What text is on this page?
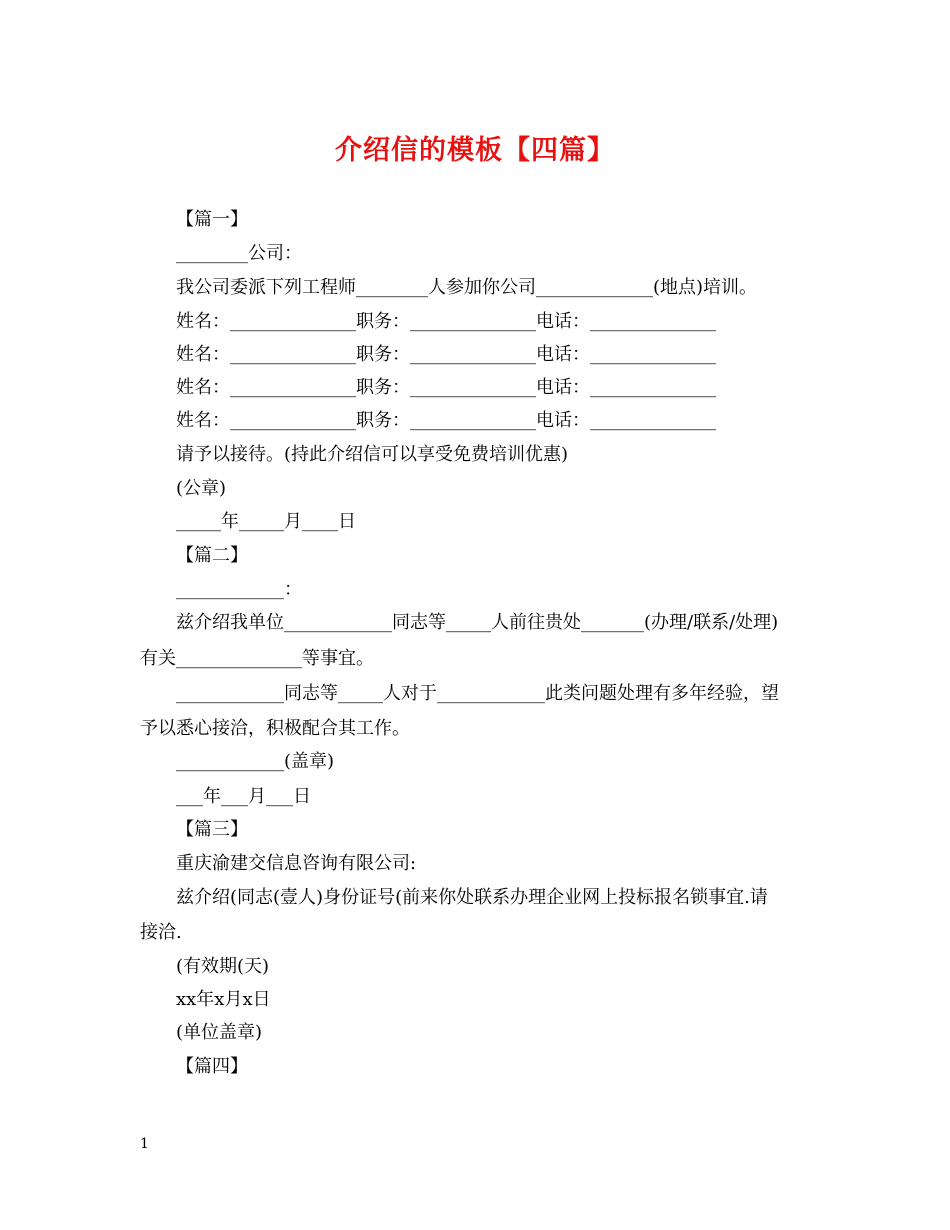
介绍信的模板【四篇】
【篇一】
________公司：
我公司委派下列工程师________人参加你公司_____________(地点)培训。
姓名：______________职务：______________电话：______________
姓名：______________职务：______________电话：______________
姓名：______________职务：______________电话：______________
姓名：______________职务：______________电话：______________
请予以接待。(持此介绍信可以享受免费培训优惠)
(公章)
_____年_____月____日
【篇二】
____________：
兹介绍我单位____________同志等_____人前往贵处_______(办理/联系/处理)
有关______________等事宜。
____________同志等_____人对于____________此类问题处理有多年经验，望
予以悉心接洽，积极配合其工作。
____________(盖章)
___年___月___日
【篇三】
重庆渝建交信息咨询有限公司:
兹介绍(同志(壹人)身份证号(前来你处联系办理企业网上投标报名锁事宜.请
接洽.
(有效期(天)
xx年x月x日
(单位盖章)
【篇四】
1
